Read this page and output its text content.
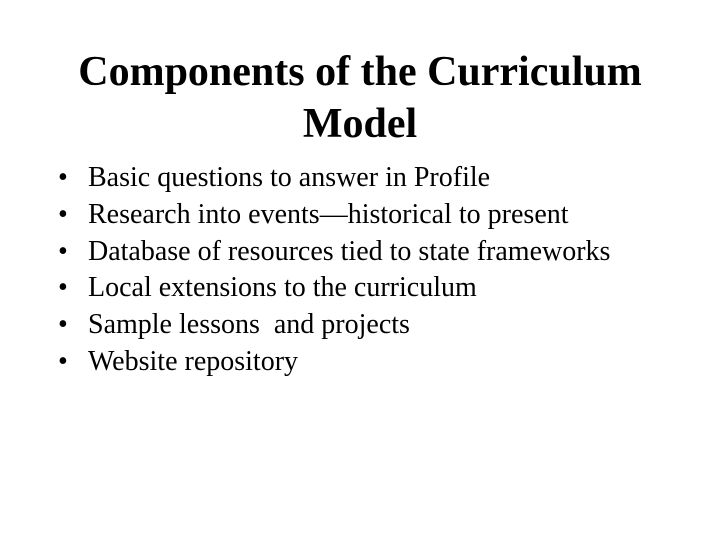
Components of the Curriculum
Model
• Basic questions to answer in Profile
• Research into events—historical to present
• Database of resources tied to state frameworks
• Local extensions to the curriculum
• Sample lessons  and projects
• Website repository
